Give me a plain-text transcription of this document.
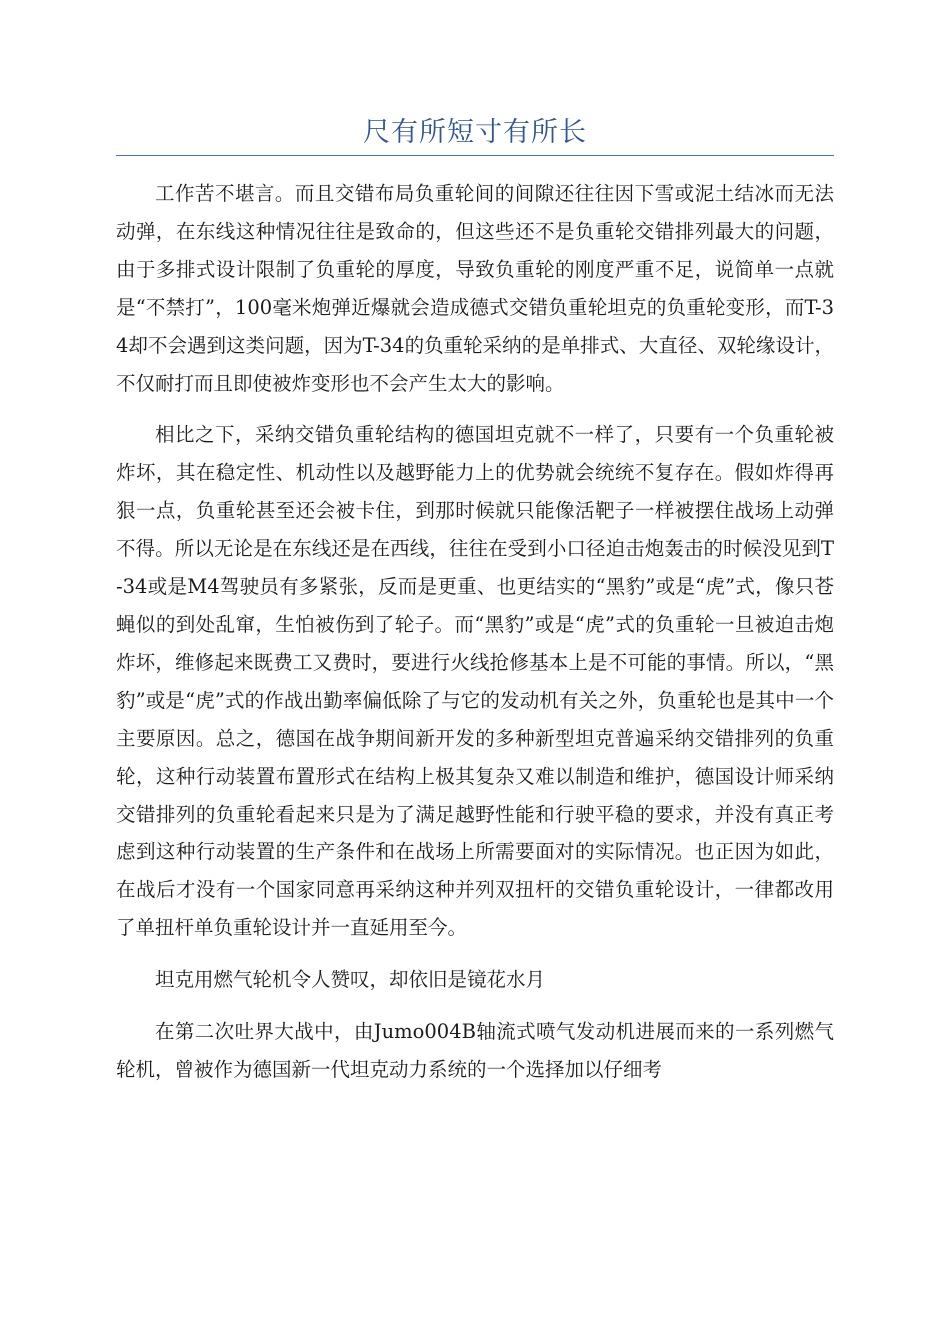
尺有所短寸有所长

工作苦不堪言。而且交错布局负重轮间的间隙还往往因下雪或泥土结冰而无法动弹，在东线这种情况往往是致命的，但这些还不是负重轮交错排列最大的问题，由于多排式设计限制了负重轮的厚度，导致负重轮的刚度严重不足，说简单一点就是“不禁打”，100毫米炮弹近爆就会造成德式交错负重轮坦克的负重轮变形，而T-34却不会遇到这类问题，因为T-34的负重轮采纳的是单排式、大直径、双轮缘设计，不仅耐打而且即使被炸变形也不会产生太大的影响。

相比之下，采纳交错负重轮结构的德国坦克就不一样了，只要有一个负重轮被炸坏，其在稳定性、机动性以及越野能力上的优势就会统统不复存在。假如炸得再狠一点，负重轮甚至还会被卡住，到那时候就只能像活靶子一样被摆住战场上动弹不得。所以无论是在东线还是在西线，往往在受到小口径迫击炮轰击的时候没见到T-34或是M4驾驶员有多紧张，反而是更重、也更结实的“黑豹”或是“虎”式，像只苍蝇似的到处乱窜，生怕被伤到了轮子。而“黑豹”或是“虎”式的负重轮一旦被迫击炮炸坏，维修起来既费工又费时，要进行火线抢修基本上是不可能的事情。所以，“黑豹”或是“虎”式的作战出勤率偏低除了与它的发动机有关之外，负重轮也是其中一个主要原因。总之，德国在战争期间新开发的多种新型坦克普遍采纳交错排列的负重轮，这种行动装置布置形式在结构上极其复杂又难以制造和维护，德国设计师采纳交错排列的负重轮看起来只是为了满足越野性能和行驶平稳的要求，并没有真正考虑到这种行动装置的生产条件和在战场上所需要面对的实际情况。也正因为如此，在战后才没有一个国家同意再采纳这种并列双扭杆的交错负重轮设计，一律都改用了单扭杆单负重轮设计并一直延用至今。

坦克用燃气轮机令人赞叹，却依旧是镜花水月

在第二次吐界大战中，由Jumo004B轴流式喷气发动机进展而来的一系列燃气轮机，曾被作为德国新一代坦克动力系统的一个选择加以仔细考
